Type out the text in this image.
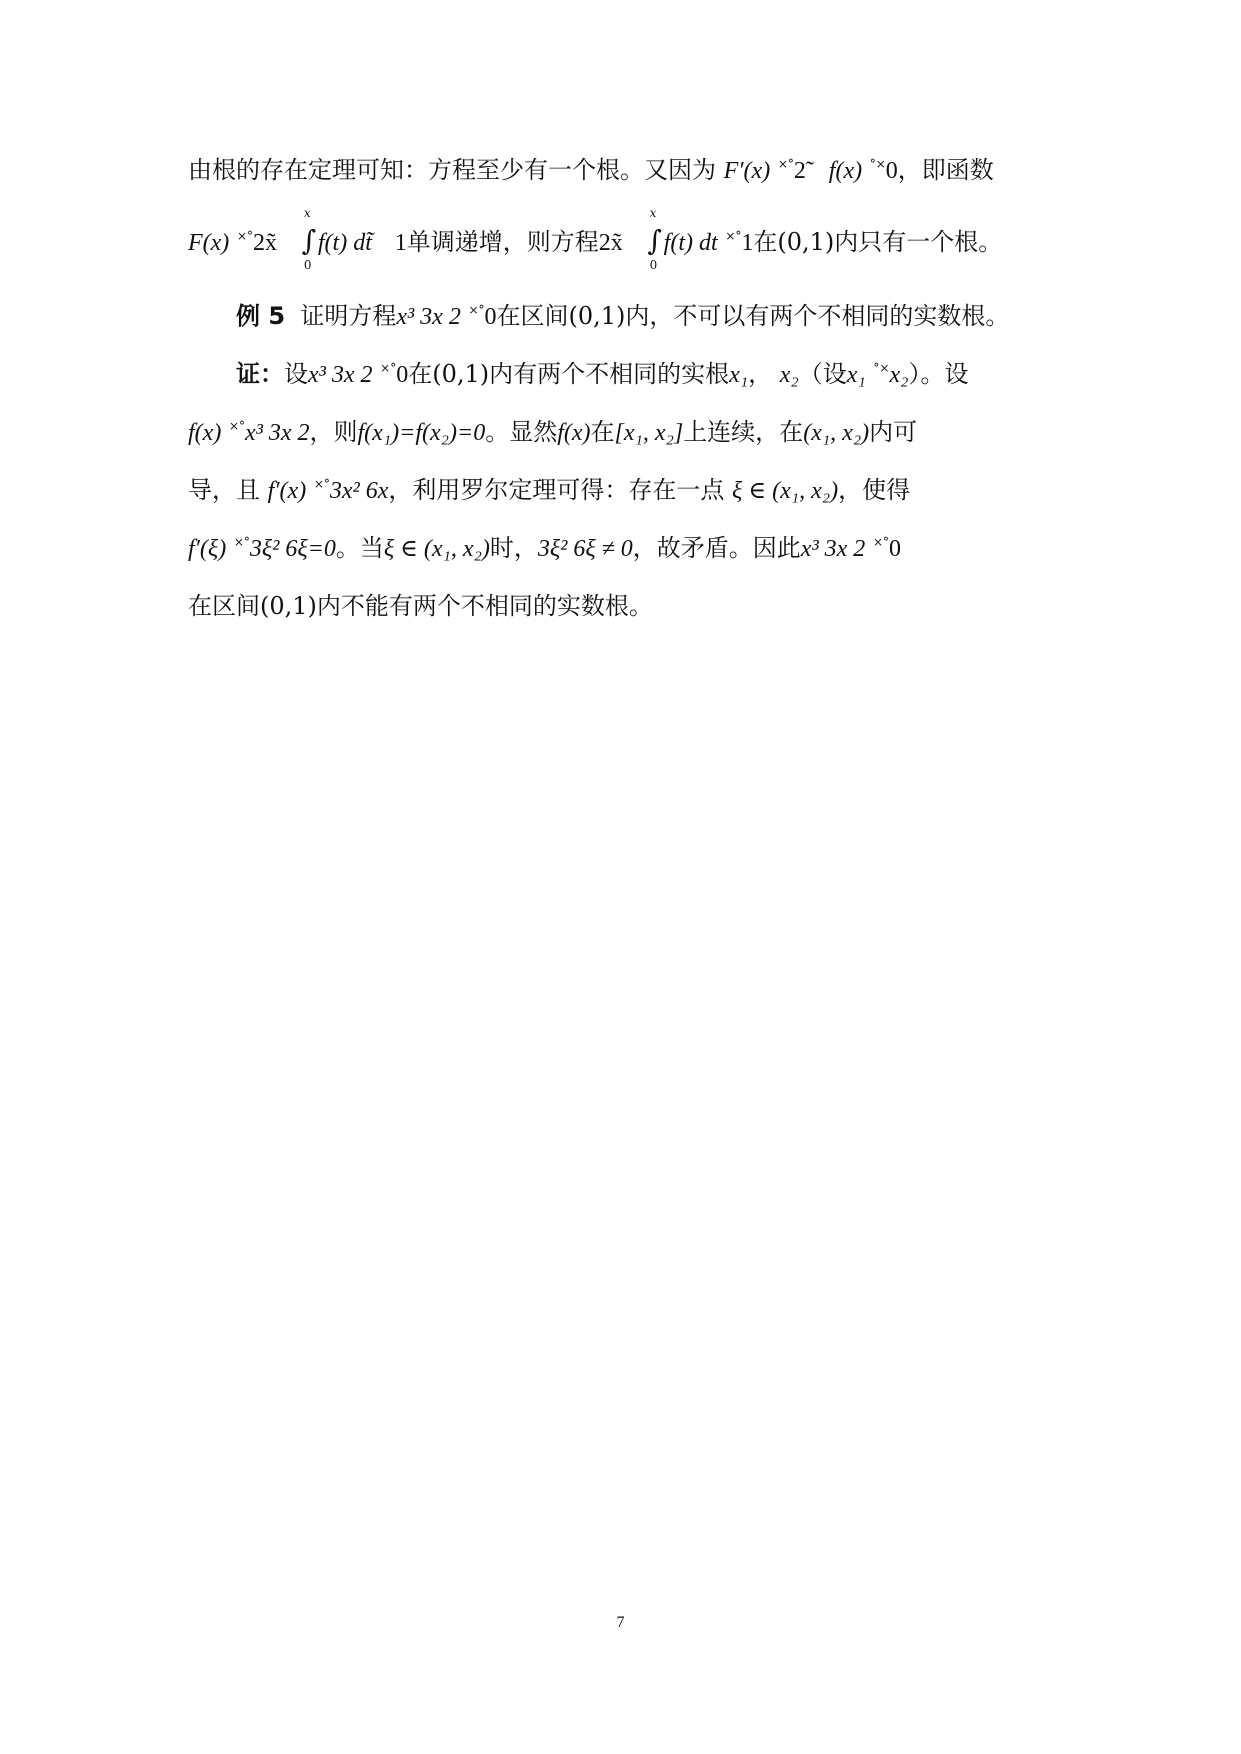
由根的存在定理可知：方程至少有一个根。又因为 F′(x) ×°2̃ f(x) °×0，即函数
F(x) ×°2x̃
x
∫
0
f(t) dt̃ 1单调递增，则方程2x̃
x
∫
0
f(t) dt ×°1在(0,1)内只有一个根。
例 5 证明方程x³ 3x 2 ×°0在区间(0,1)内，不可以有两个不相同的实数根。
证：设x³ 3x 2 ×°0在(0,1)内有两个不相同的实根x₁， x₂（设x₁ °×x₂）。设
f(x) ×°x³ 3x 2，则f(x₁)=f(x₂)=0。显然f(x)在[x₁, x₂]上连续，在(x₁, x₂)内可
导，且 f′(x) ×°3x² 6x，利用罗尔定理可得：存在一点 ξ ∈ (x₁, x₂)，使得
f′(ξ) ×°3ξ² 6ξ=0。当ξ ∈ (x₁, x₂)时，3ξ² 6ξ ≠ 0，故矛盾。因此x³ 3x 2 ×°0
在区间(0,1)内不能有两个不相同的实数根。
7
